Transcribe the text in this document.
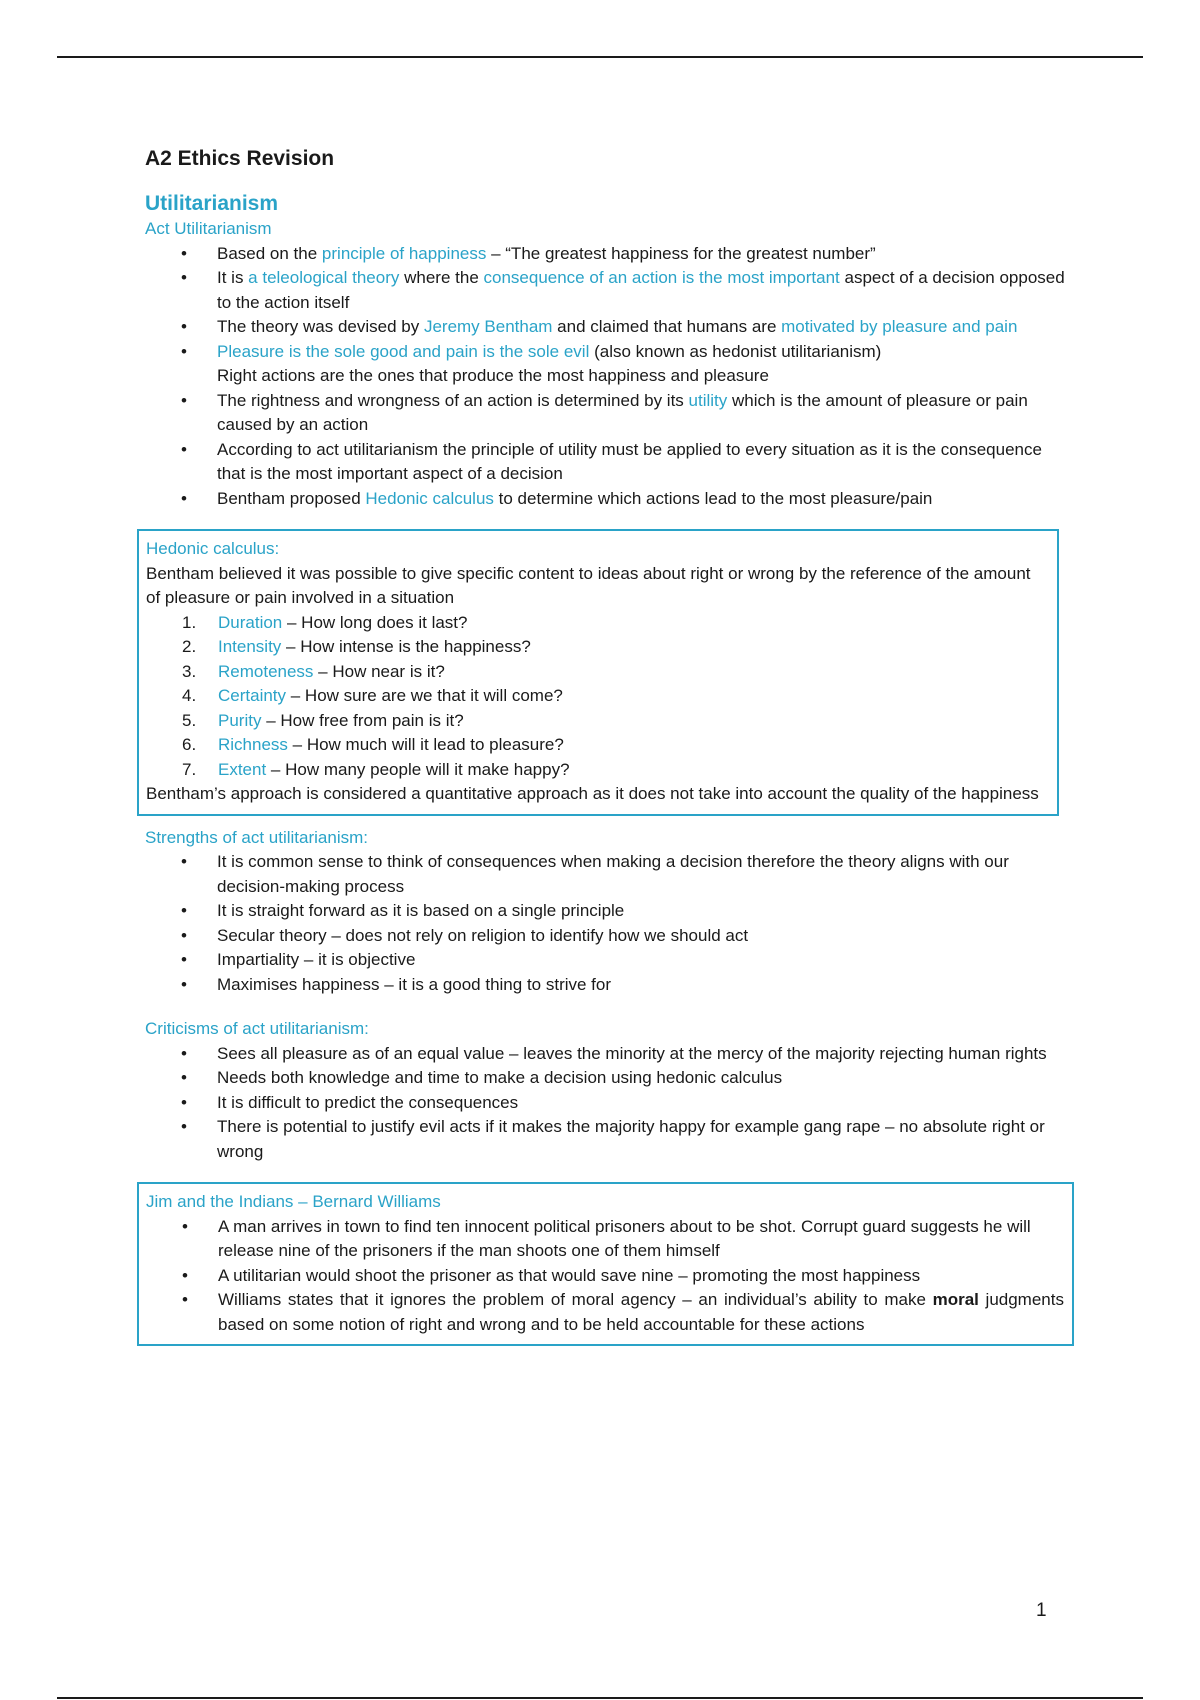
A2 Ethics Revision
Utilitarianism
Act Utilitarianism
• Based on the principle of happiness – “The greatest happiness for the greatest number”
• It is a teleological theory where the consequence of an action is the most important aspect of a decision opposed to the action itself
• The theory was devised by Jeremy Bentham and claimed that humans are motivated by pleasure and pain
• Pleasure is the sole good and pain is the sole evil (also known as hedonist utilitarianism)
Right actions are the ones that produce the most happiness and pleasure
• The rightness and wrongness of an action is determined by its utility which is the amount of pleasure or pain caused by an action
• According to act utilitarianism the principle of utility must be applied to every situation as it is the consequence that is the most important aspect of a decision
• Bentham proposed Hedonic calculus to determine which actions lead to the most pleasure/pain
Hedonic calculus:
Bentham believed it was possible to give specific content to ideas about right or wrong by the reference of the amount of pleasure or pain involved in a situation
1. Duration – How long does it last?
2. Intensity – How intense is the happiness?
3. Remoteness – How near is it?
4. Certainty – How sure are we that it will come?
5. Purity – How free from pain is it?
6. Richness – How much will it lead to pleasure?
7. Extent – How many people will it make happy?
Bentham’s approach is considered a quantitative approach as it does not take into account the quality of the happiness
Strengths of act utilitarianism:
• It is common sense to think of consequences when making a decision therefore the theory aligns with our decision-making process
• It is straight forward as it is based on a single principle
• Secular theory – does not rely on religion to identify how we should act
• Impartiality – it is objective
• Maximises happiness – it is a good thing to strive for
Criticisms of act utilitarianism:
• Sees all pleasure as of an equal value – leaves the minority at the mercy of the majority rejecting human rights
• Needs both knowledge and time to make a decision using hedonic calculus
• It is difficult to predict the consequences
• There is potential to justify evil acts if it makes the majority happy for example gang rape – no absolute right or wrong
Jim and the Indians – Bernard Williams
• A man arrives in town to find ten innocent political prisoners about to be shot. Corrupt guard suggests he will release nine of the prisoners if the man shoots one of them himself
• A utilitarian would shoot the prisoner as that would save nine – promoting the most happiness
• Williams states that it ignores the problem of moral agency – an individual’s ability to make moral judgments based on some notion of right and wrong and to be held accountable for these actions
1
